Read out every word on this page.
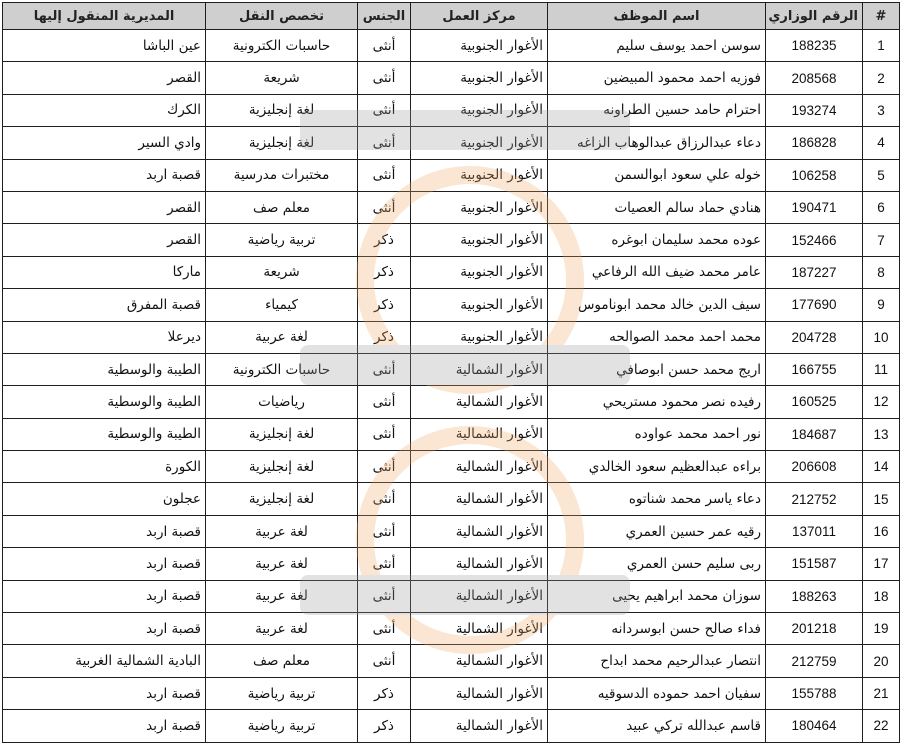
#	الرقم الوزاري	اسم الموظف	مركز العمل	الجنس	تخصص النقل	المديرية المنقول إليها
1	188235	سوسن احمد يوسف سليم	الأغوار الجنوبية	أنثى	حاسبات الكترونية	عين الباشا
2	208568	فوزيه احمد محمود المبيضين	الأغوار الجنوبية	أنثى	شريعة	القصر
3	193274	احترام حامد حسين الطراونه	الأغوار الجنوبية	أنثى	لغة إنجليزية	الكرك
4	186828	دعاء عبدالرزاق عبدالوهاب الزاغه	الأغوار الجنوبية	أنثى	لغة إنجليزية	وادي السير
5	106258	خوله علي سعود ابوالسمن	الأغوار الجنوبية	أنثى	مختبرات مدرسية	قصبة اربد
6	190471	هنادي حماد سالم العصيات	الأغوار الجنوبية	أنثى	معلم صف	القصر
7	152466	عوده محمد سليمان ابوغره	الأغوار الجنوبية	ذكر	تربية رياضية	القصر
8	187227	عامر محمد ضيف الله الرفاعي	الأغوار الجنوبية	ذكر	شريعة	ماركا
9	177690	سيف الدين خالد محمد ابوناموس	الأغوار الجنوبية	ذكر	كيمياء	قصبة المفرق
10	204728	محمد احمد محمد الصوالحه	الأغوار الجنوبية	ذكر	لغة عربية	ديرعلا
11	166755	اريج محمد حسن ابوصافي	الأغوار الشمالية	أنثى	حاسبات الكترونية	الطيبة والوسطية
12	160525	رفيده نصر محمود مستريحي	الأغوار الشمالية	أنثى	رياضيات	الطيبة والوسطية
13	184687	نور احمد محمد عواوده	الأغوار الشمالية	أنثى	لغة إنجليزية	الطيبة والوسطية
14	206608	براءه عبدالعظيم سعود الخالدي	الأغوار الشمالية	أنثى	لغة إنجليزية	الكورة
15	212752	دعاء ياسر محمد شناتوه	الأغوار الشمالية	أنثى	لغة إنجليزية	عجلون
16	137011	رقيه عمر حسين العمري	الأغوار الشمالية	أنثى	لغة عربية	قصبة اربد
17	151587	ربى سليم حسن العمري	الأغوار الشمالية	أنثى	لغة عربية	قصبة اربد
18	188263	سوزان محمد ابراهيم يحيى	الأغوار الشمالية	أنثى	لغة عربية	قصبة اربد
19	201218	فداء صالح حسن ابوسردانه	الأغوار الشمالية	أنثى	لغة عربية	قصبة اربد
20	212759	انتصار عبدالرحيم محمد ابداح	الأغوار الشمالية	أنثى	معلم صف	البادية الشمالية الغربية
21	155788	سفيان احمد حموده الدسوقيه	الأغوار الشمالية	ذكر	تربية رياضية	قصبة اربد
22	180464	قاسم عبدالله تركي عبيد	الأغوار الشمالية	ذكر	تربية رياضية	قصبة اربد
